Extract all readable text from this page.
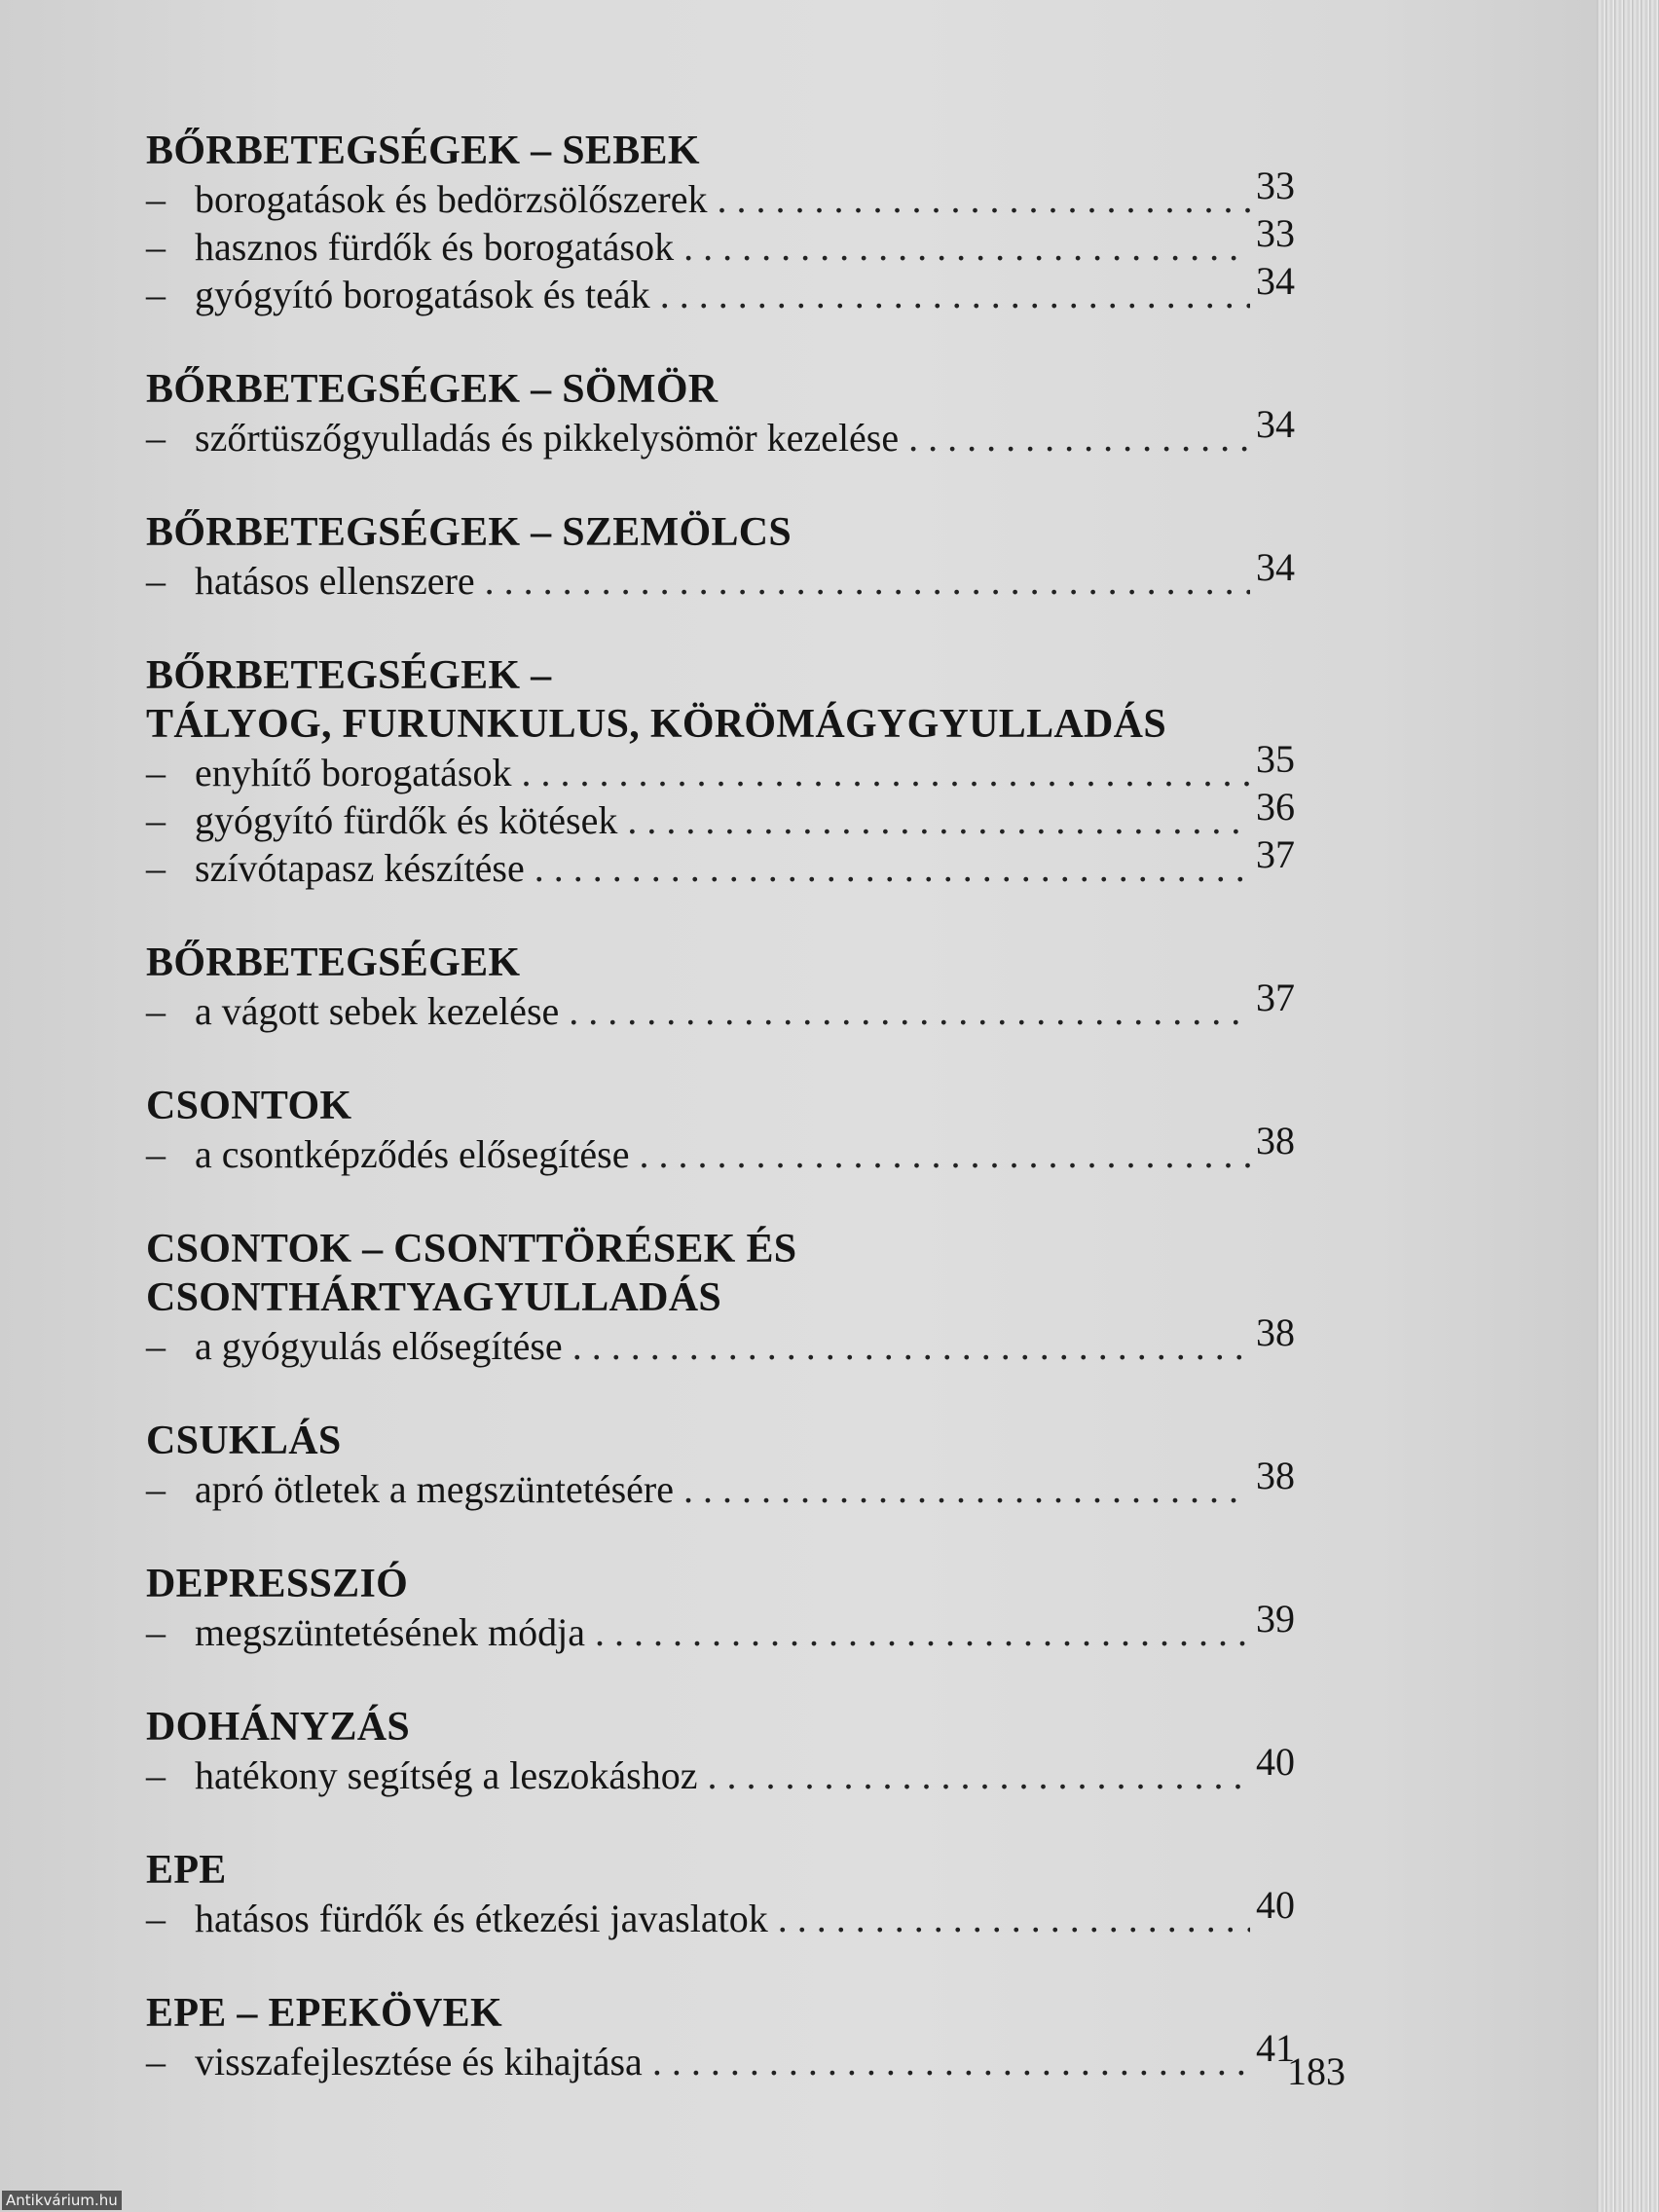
BŐRBETEGSÉGEK – SEBEK
– borogatások és bedörzsölőszerek . . .	33
– hasznos fürdők és borogatások . . .	33
– gyógyító borogatások és teák . . .	34
BŐRBETEGSÉGEK – SÖMÖR
– szőrtüszőgyulladás és pikkelysömör kezelése . . .	34
BŐRBETEGSÉGEK – SZEMÖLCS
– hatásos ellenszere . . .	34
BŐRBETEGSÉGEK –
TÁLYOG, FURUNKULUS, KÖRÖMÁGYGYULLADÁS
– enyhítő borogatások . . .	35
– gyógyító fürdők és kötések . . .	36
– szívótapasz készítése . . .	37
BŐRBETEGSÉGEK
– a vágott sebek kezelése . . .	37
CSONTOK
– a csontképződés elősegítése . . .	38
CSONTOK – CSONTTÖRÉSEK ÉS
CSONTHÁRTYAGYULLADÁS
– a gyógyulás elősegítése . . .	38
CSUKLÁS
– apró ötletek a megszüntetésére . . .	38
DEPRESSZIÓ
– megszüntetésének módja . . .	39
DOHÁNYZÁS
– hatékony segítség a leszokáshoz . . .	40
EPE
– hatásos fürdők és étkezési javaslatok . . .	40
EPE – EPEKÖVEK
– visszafejlesztése és kihajtása . . .	41
183
Antikvárium.hu
